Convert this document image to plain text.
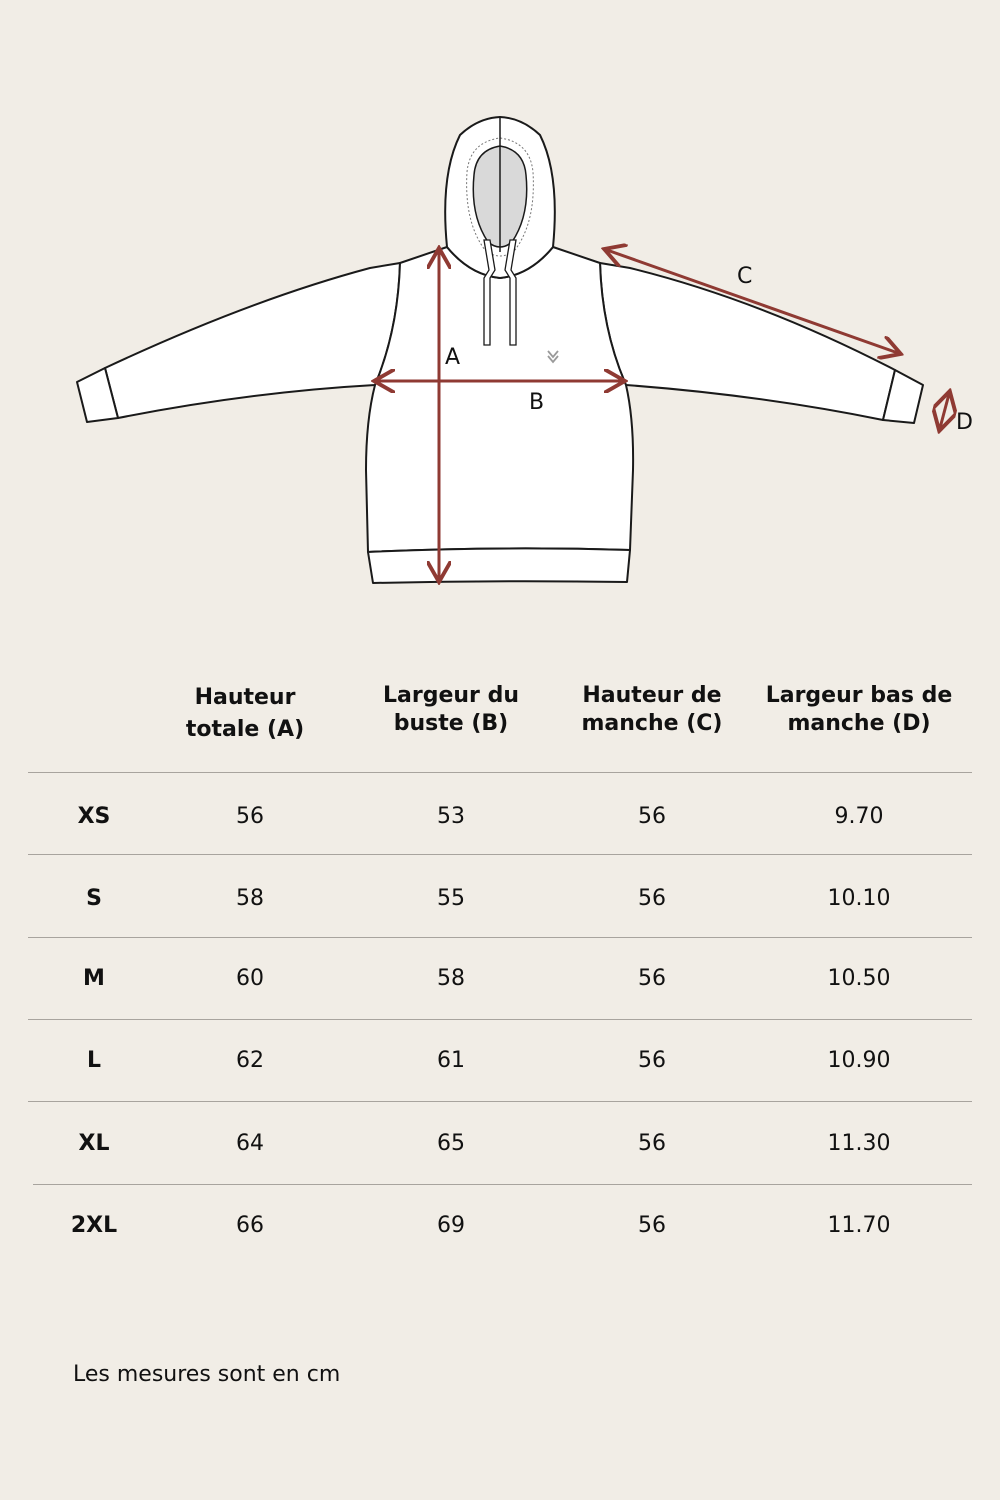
A
B
C
D
Hauteur
totale (A)
Largeur du
buste (B)
Hauteur de
manche (C)
Largeur bas de
manche (D)
XS	56	53	56	9.70
S	58	55	56	10.10
M	60	58	56	10.50
L	62	61	56	10.90
XL	64	65	56	11.30
2XL	66	69	56	11.70
Les mesures sont en cm
